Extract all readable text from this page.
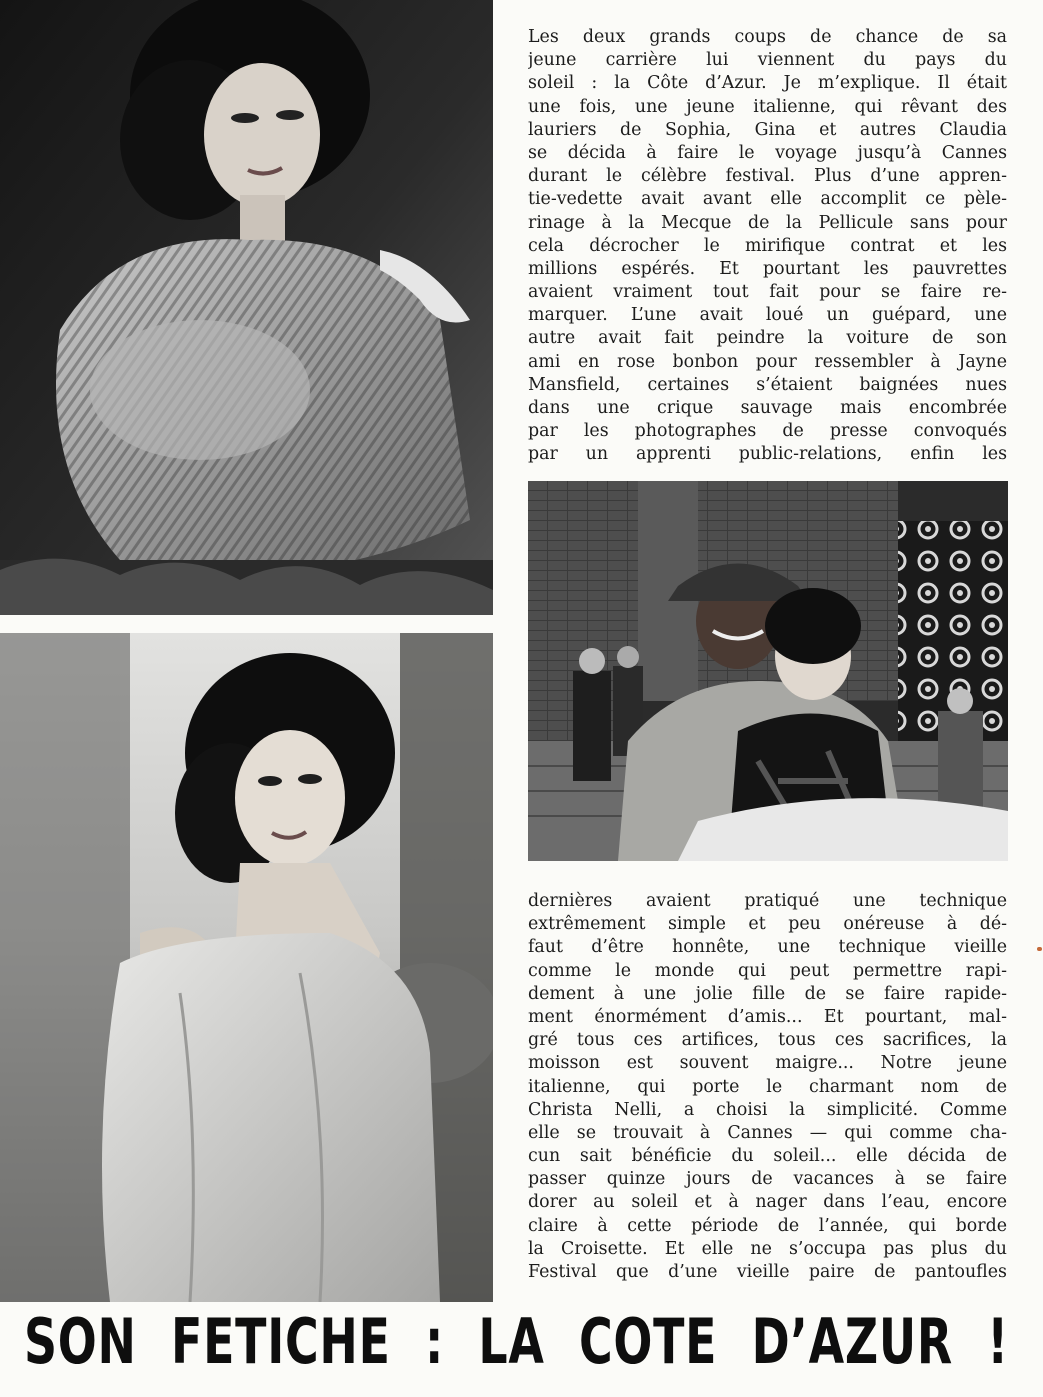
Les deux grands coups de chance de sa
jeune carrière lui viennent du pays du
soleil : la Côte d’Azur. Je m’explique. Il était
une fois, une jeune italienne, qui rêvant des
lauriers de Sophia, Gina et autres Claudia
se décida à faire le voyage jusqu’à Cannes
durant le célèbre festival. Plus d’une appren-
tie-vedette avait avant elle accomplit ce pèle-
rinage à la Mecque de la Pellicule sans pour
cela décrocher le mirifique contrat et les
millions espérés. Et pourtant les pauvrettes
avaient vraiment tout fait pour se faire re-
marquer. L’une avait loué un guépard, une
autre avait fait peindre la voiture de son
ami en rose bonbon pour ressembler à Jayne
Mansfield, certaines s’étaient baignées nues
dans une crique sauvage mais encombrée
par les photographes de presse convoqués
par un apprenti public-relations, enfin les
dernières avaient pratiqué une technique
extrêmement simple et peu onéreuse à dé-
faut d’être honnête, une technique vieille
comme le monde qui peut permettre rapi-
dement à une jolie fille de se faire rapide-
ment énormément d’amis... Et pourtant, mal-
gré tous ces artifices, tous ces sacrifices, la
moisson est souvent maigre... Notre jeune
italienne, qui porte le charmant nom de
Christa Nelli, a choisi la simplicité. Comme
elle se trouvait à Cannes — qui comme cha-
cun sait bénéficie du soleil... elle décida de
passer quinze jours de vacances à se faire
dorer au soleil et à nager dans l’eau, encore
claire à cette période de l’année, qui borde
la Croisette. Et elle ne s’occupa pas plus du
Festival que d’une vieille paire de pantoufles
SON FETICHE : LA COTE D’AZUR !
